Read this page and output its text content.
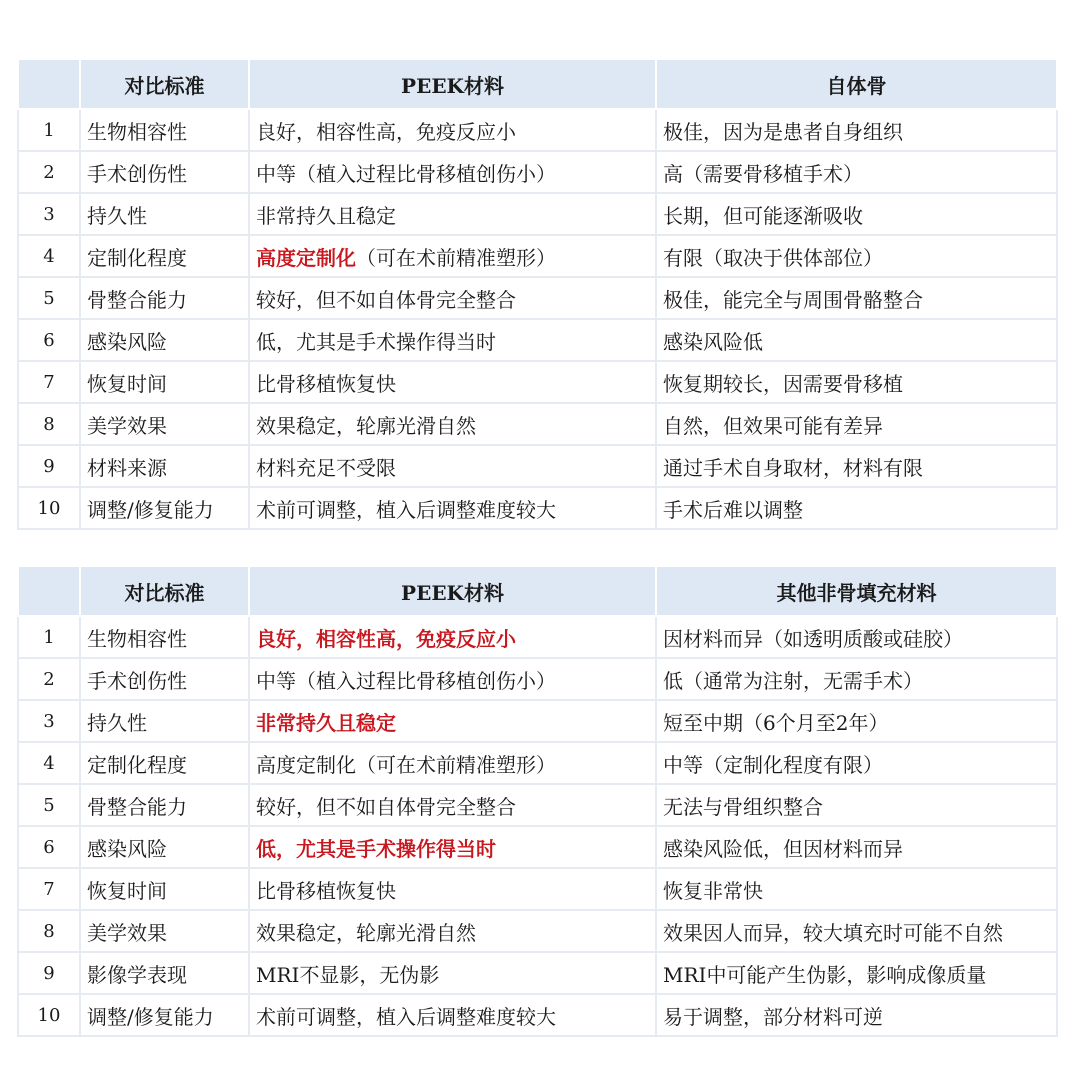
	对比标准	PEEK材料	自体骨
1	生物相容性	良好，相容性高，免疫反应小	极佳，因为是患者自身组织
2	手术创伤性	中等（植入过程比骨移植创伤小）	高（需要骨移植手术）
3	持久性	非常持久且稳定	长期，但可能逐渐吸收
4	定制化程度	高度定制化（可在术前精准塑形）	有限（取决于供体部位）
5	骨整合能力	较好，但不如自体骨完全整合	极佳，能完全与周围骨骼整合
6	感染风险	低，尤其是手术操作得当时	感染风险低
7	恢复时间	比骨移植恢复快	恢复期较长，因需要骨移植
8	美学效果	效果稳定，轮廓光滑自然	自然，但效果可能有差异
9	材料来源	材料充足不受限	通过手术自身取材，材料有限
10	调整/修复能力	术前可调整，植入后调整难度较大	手术后难以调整
	对比标准	PEEK材料	其他非骨填充材料
1	生物相容性	良好，相容性高，免疫反应小	因材料而异（如透明质酸或硅胶）
2	手术创伤性	中等（植入过程比骨移植创伤小）	低（通常为注射，无需手术）
3	持久性	非常持久且稳定	短至中期（6个月至2年）
4	定制化程度	高度定制化（可在术前精准塑形）	中等（定制化程度有限）
5	骨整合能力	较好，但不如自体骨完全整合	无法与骨组织整合
6	感染风险	低，尤其是手术操作得当时	感染风险低，但因材料而异
7	恢复时间	比骨移植恢复快	恢复非常快
8	美学效果	效果稳定，轮廓光滑自然	效果因人而异，较大填充时可能不自然
9	影像学表现	MRI不显影，无伪影	MRI中可能产生伪影，影响成像质量
10	调整/修复能力	术前可调整，植入后调整难度较大	易于调整，部分材料可逆
